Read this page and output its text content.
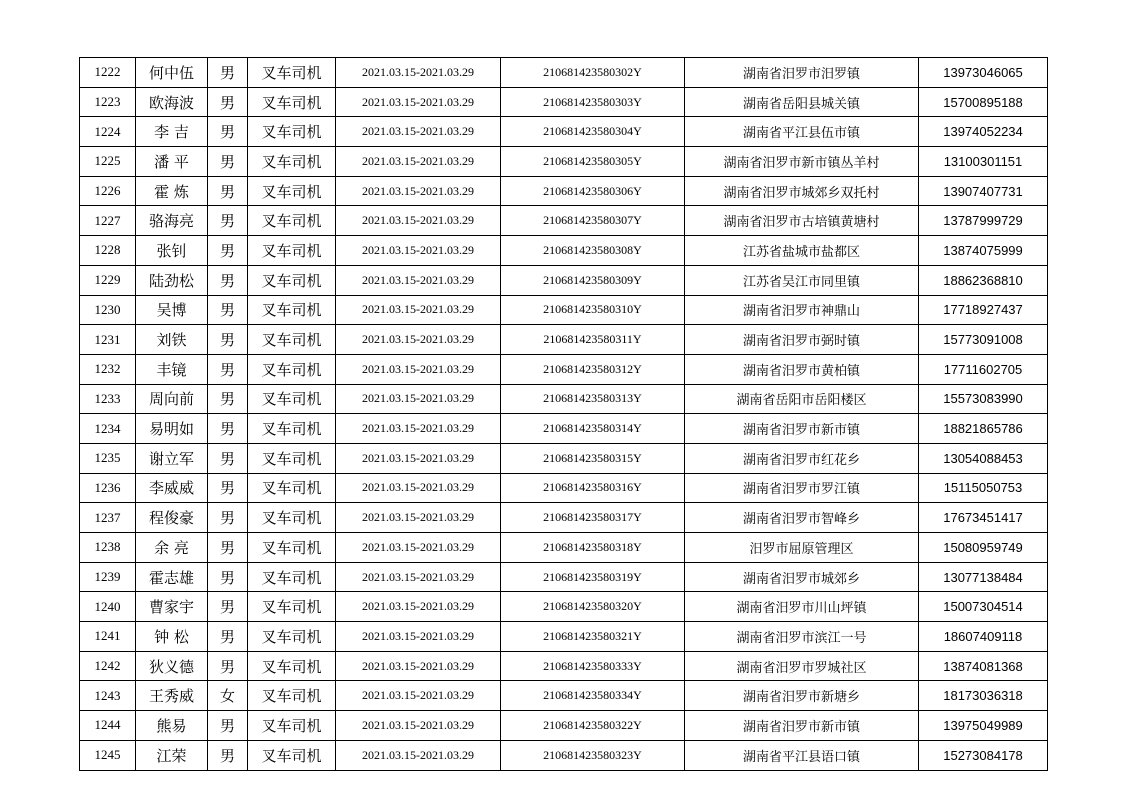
1222	何中伍	男	叉车司机	2021.03.15-2021.03.29	210681423580302Y	湖南省汨罗市汨罗镇	13973046065
1223	欧海波	男	叉车司机	2021.03.15-2021.03.29	210681423580303Y	湖南省岳阳县城关镇	15700895188
1224	李 吉	男	叉车司机	2021.03.15-2021.03.29	210681423580304Y	湖南省平江县伍市镇	13974052234
1225	潘 平	男	叉车司机	2021.03.15-2021.03.29	210681423580305Y	湖南省汨罗市新市镇丛羊村	13100301151
1226	霍 炼	男	叉车司机	2021.03.15-2021.03.29	210681423580306Y	湖南省汨罗市城郊乡双托村	13907407731
1227	骆海亮	男	叉车司机	2021.03.15-2021.03.29	210681423580307Y	湖南省汨罗市古培镇黄塘村	13787999729
1228	张钊	男	叉车司机	2021.03.15-2021.03.29	210681423580308Y	江苏省盐城市盐都区	13874075999
1229	陆劲松	男	叉车司机	2021.03.15-2021.03.29	210681423580309Y	江苏省吴江市同里镇	18862368810
1230	吴博	男	叉车司机	2021.03.15-2021.03.29	210681423580310Y	湖南省汨罗市神鼎山	17718927437
1231	刘铁	男	叉车司机	2021.03.15-2021.03.29	210681423580311Y	湖南省汨罗市弼时镇	15773091008
1232	丰镜	男	叉车司机	2021.03.15-2021.03.29	210681423580312Y	湖南省汨罗市黄柏镇	17711602705
1233	周向前	男	叉车司机	2021.03.15-2021.03.29	210681423580313Y	湖南省岳阳市岳阳楼区	15573083990
1234	易明如	男	叉车司机	2021.03.15-2021.03.29	210681423580314Y	湖南省汨罗市新市镇	18821865786
1235	谢立军	男	叉车司机	2021.03.15-2021.03.29	210681423580315Y	湖南省汨罗市红花乡	13054088453
1236	李威威	男	叉车司机	2021.03.15-2021.03.29	210681423580316Y	湖南省汨罗市罗江镇	15115050753
1237	程俊豪	男	叉车司机	2021.03.15-2021.03.29	210681423580317Y	湖南省汨罗市智峰乡	17673451417
1238	余 亮	男	叉车司机	2021.03.15-2021.03.29	210681423580318Y	汨罗市屈原管理区	15080959749
1239	霍志雄	男	叉车司机	2021.03.15-2021.03.29	210681423580319Y	湖南省汨罗市城郊乡	13077138484
1240	曹家宇	男	叉车司机	2021.03.15-2021.03.29	210681423580320Y	湖南省汨罗市川山坪镇	15007304514
1241	钟 松	男	叉车司机	2021.03.15-2021.03.29	210681423580321Y	湖南省汨罗市滨江一号	18607409118
1242	狄义德	男	叉车司机	2021.03.15-2021.03.29	210681423580333Y	湖南省汨罗市罗城社区	13874081368
1243	王秀威	女	叉车司机	2021.03.15-2021.03.29	210681423580334Y	湖南省汨罗市新塘乡	18173036318
1244	熊易	男	叉车司机	2021.03.15-2021.03.29	210681423580322Y	湖南省汨罗市新市镇	13975049989
1245	江荣	男	叉车司机	2021.03.15-2021.03.29	210681423580323Y	湖南省平江县语口镇	15273084178
